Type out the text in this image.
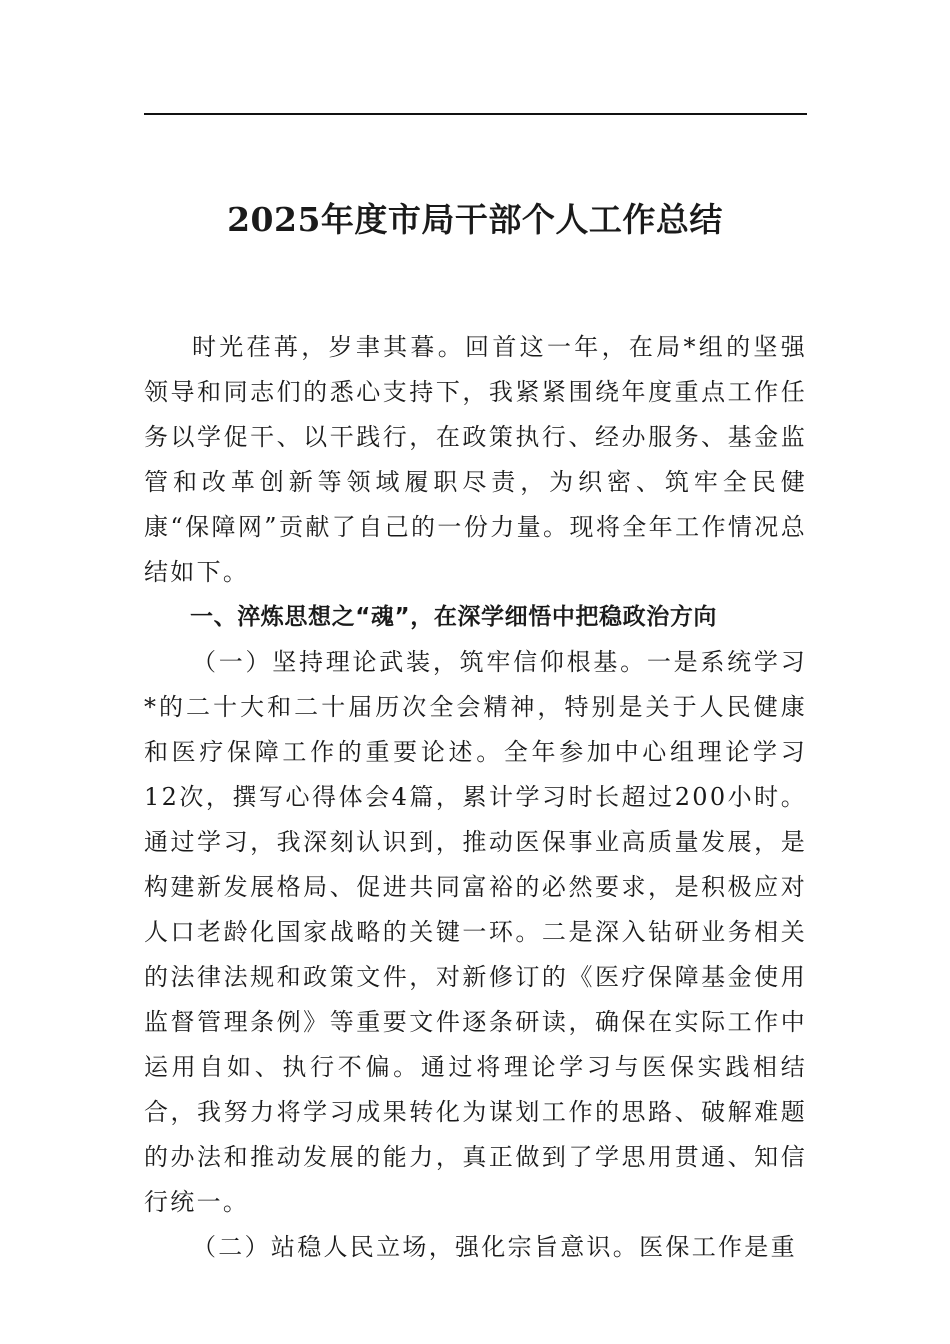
2025年度市局干部个人工作总结

时光荏苒，岁聿其暮。回首这一年，在局*组的坚强领导和同志们的悉心支持下，我紧紧围绕年度重点工作任务以学促干、以干践行，在政策执行、经办服务、基金监管和改革创新等领域履职尽责，为织密、筑牢全民健康“保障网”贡献了自己的一份力量。现将全年工作情况总结如下。

一、淬炼思想之“魂”，在深学细悟中把稳政治方向

（一）坚持理论武装，筑牢信仰根基。一是系统学习*的二十大和二十届历次全会精神，特别是关于人民健康和医疗保障工作的重要论述。全年参加中心组理论学习12次，撰写心得体会4篇，累计学习时长超过200小时。通过学习，我深刻认识到，推动医保事业高质量发展，是构建新发展格局、促进共同富裕的必然要求，是积极应对人口老龄化国家战略的关键一环。二是深入钻研业务相关的法律法规和政策文件，对新修订的《医疗保障基金使用监督管理条例》等重要文件逐条研读，确保在实际工作中运用自如、执行不偏。通过将理论学习与医保实践相结合，我努力将学习成果转化为谋划工作的思路、破解难题的办法和推动发展的能力，真正做到了学思用贯通、知信行统一。

（二）站稳人民立场，强化宗旨意识。医保工作是重
